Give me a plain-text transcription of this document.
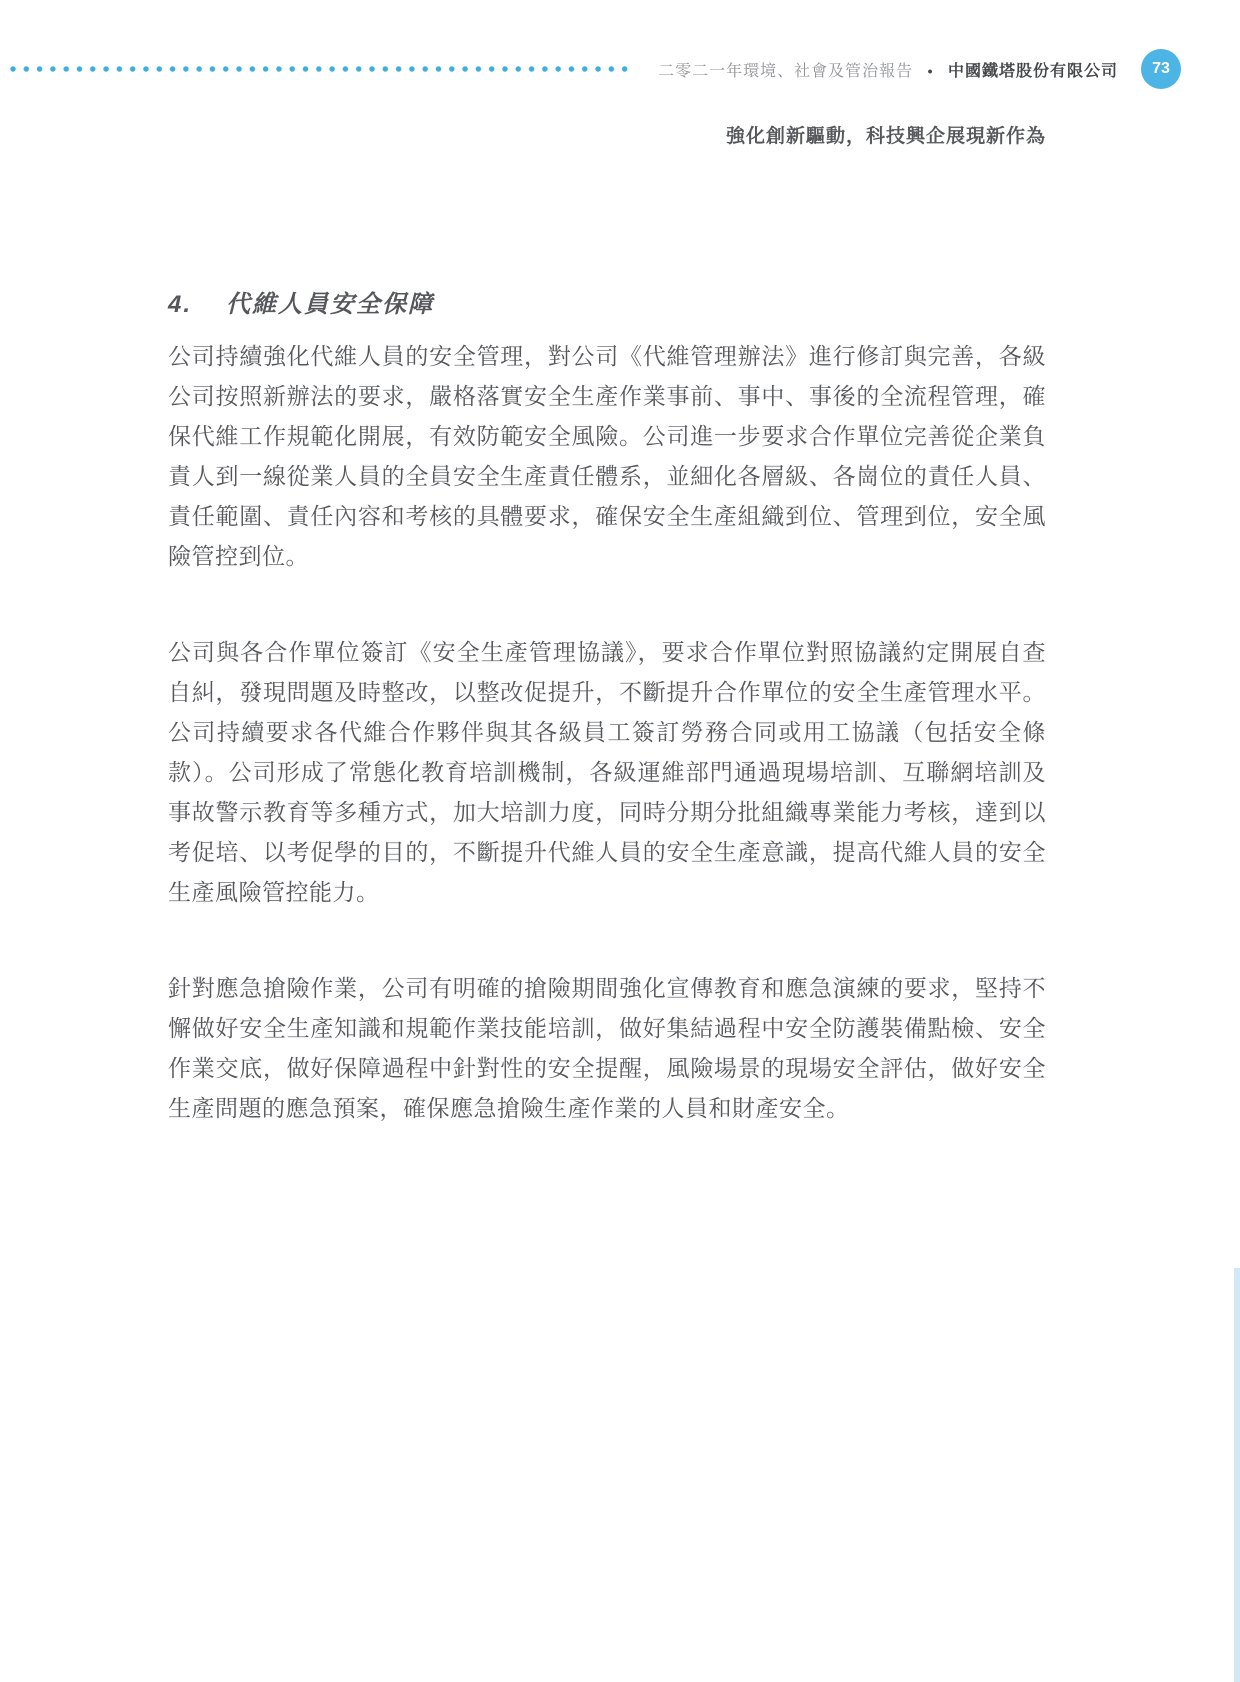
二零二一年環境、社會及管治報告 • 中國鐵塔股份有限公司 73
強化創新驅動，科技興企展現新作為
4. 代維人員安全保障

公司持續強化代維人員的安全管理，對公司《代維管理辦法》進行修訂與完善，各級公司按照新辦法的要求，嚴格落實安全生產作業事前、事中、事後的全流程管理，確保代維工作規範化開展，有效防範安全風險。公司進一步要求合作單位完善從企業負責人到一線從業人員的全員安全生產責任體系，並細化各層級、各崗位的責任人員、責任範圍、責任內容和考核的具體要求，確保安全生產組織到位、管理到位，安全風險管控到位。

公司與各合作單位簽訂《安全生產管理協議》，要求合作單位對照協議約定開展自查自糾，發現問題及時整改，以整改促提升，不斷提升合作單位的安全生產管理水平。公司持續要求各代維合作夥伴與其各級員工簽訂勞務合同或用工協議（包括安全條款）。公司形成了常態化教育培訓機制，各級運維部門通過現場培訓、互聯網培訓及事故警示教育等多種方式，加大培訓力度，同時分期分批組織專業能力考核，達到以考促培、以考促學的目的，不斷提升代維人員的安全生產意識，提高代維人員的安全生產風險管控能力。

針對應急搶險作業，公司有明確的搶險期間強化宣傳教育和應急演練的要求，堅持不懈做好安全生產知識和規範作業技能培訓，做好集結過程中安全防護裝備點檢、安全作業交底，做好保障過程中針對性的安全提醒，風險場景的現場安全評估，做好安全生產問題的應急預案，確保應急搶險生產作業的人員和財產安全。
